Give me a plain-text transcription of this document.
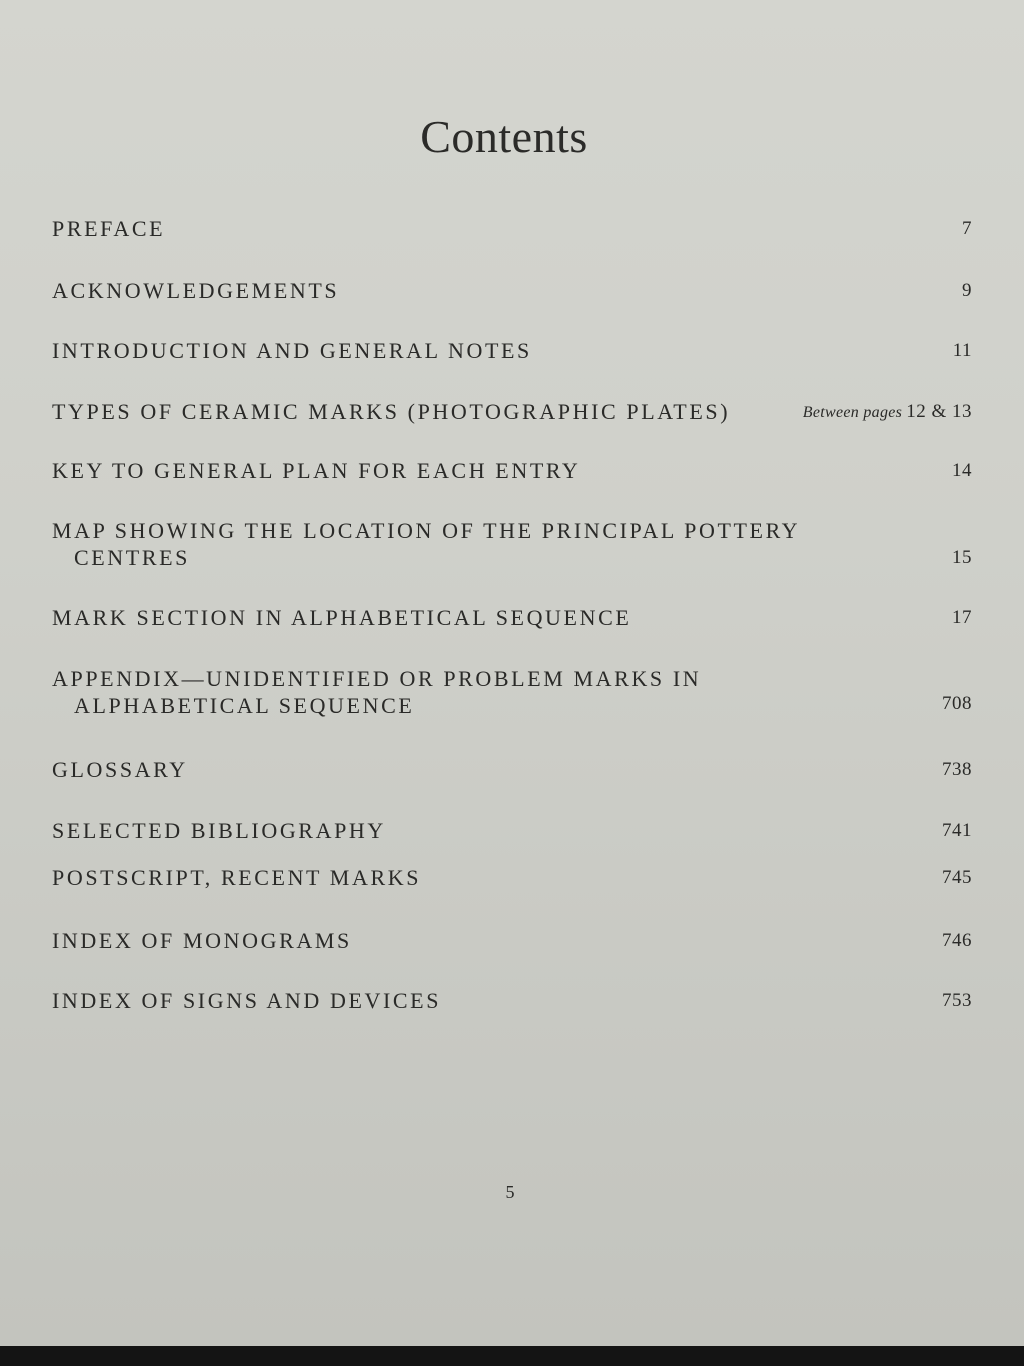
Contents
PREFACE	7
ACKNOWLEDGEMENTS	9
INTRODUCTION AND GENERAL NOTES	11
TYPES OF CERAMIC MARKS (PHOTOGRAPHIC PLATES)	Between pages 12 & 13
KEY TO GENERAL PLAN FOR EACH ENTRY	14
MAP SHOWING THE LOCATION OF THE PRINCIPAL POTTERY
CENTRES	15
MARK SECTION IN ALPHABETICAL SEQUENCE	17
APPENDIX—UNIDENTIFIED OR PROBLEM MARKS IN
ALPHABETICAL SEQUENCE	708
GLOSSARY	738
SELECTED BIBLIOGRAPHY	741
POSTSCRIPT, RECENT MARKS	745
INDEX OF MONOGRAMS	746
INDEX OF SIGNS AND DEVICES	753
5
